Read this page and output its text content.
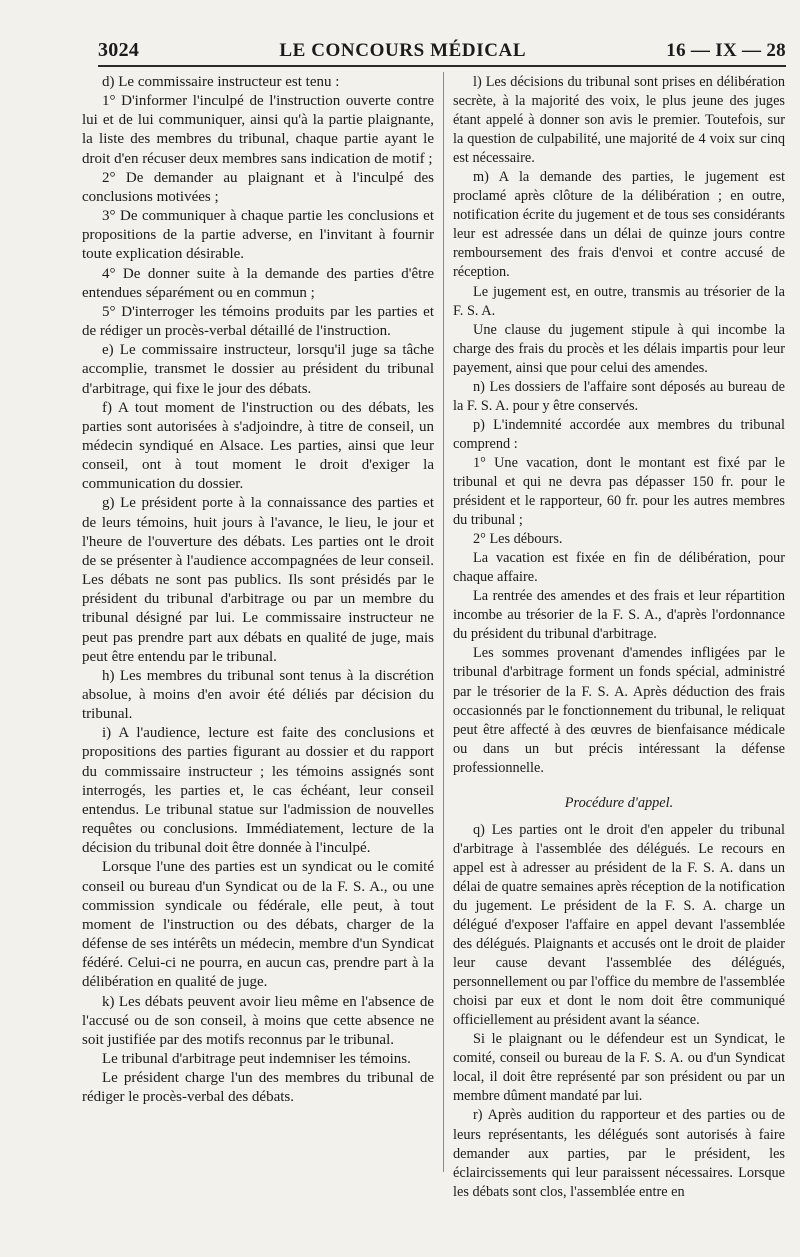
3024	LE CONCOURS MÉDICAL	16 — IX — 28

d) Le commissaire instructeur est tenu :

1° D'informer l'inculpé de l'instruction ouverte contre lui et de lui communiquer, ainsi qu'à la partie plaignante, la liste des membres du tribunal, chaque partie ayant le droit d'en récuser deux membres sans indication de motif ;

2° De demander au plaignant et à l'inculpé des conclusions motivées ;

3° De communiquer à chaque partie les conclusions et propositions de la partie adverse, en l'invitant à fournir toute explication désirable.

4° De donner suite à la demande des parties d'être entendues séparément ou en commun ;

5° D'interroger les témoins produits par les parties et de rédiger un procès-verbal détaillé de l'instruction.

e) Le commissaire instructeur, lorsqu'il juge sa tâche accomplie, transmet le dossier au président du tribunal d'arbitrage, qui fixe le jour des débats.

f) A tout moment de l'instruction ou des débats, les parties sont autorisées à s'adjoindre, à titre de conseil, un médecin syndiqué en Alsace. Les parties, ainsi que leur conseil, ont à tout moment le droit d'exiger la communication du dossier.

g) Le président porte à la connaissance des parties et de leurs témoins, huit jours à l'avance, le lieu, le jour et l'heure de l'ouverture des débats. Les parties ont le droit de se présenter à l'audience accompagnées de leur conseil. Les débats ne sont pas publics. Ils sont présidés par le président du tribunal d'arbitrage ou par un membre du tribunal désigné par lui. Le commissaire instructeur ne peut pas prendre part aux débats en qualité de juge, mais peut être entendu par le tribunal.

h) Les membres du tribunal sont tenus à la discrétion absolue, à moins d'en avoir été déliés par décision du tribunal.

i) A l'audience, lecture est faite des conclusions et propositions des parties figurant au dossier et du rapport du commissaire instructeur ; les témoins assignés sont interrogés, les parties et, le cas échéant, leur conseil entendus. Le tribunal statue sur l'admission de nouvelles requêtes ou conclusions. Immédiatement, lecture de la décision du tribunal doit être donnée à l'inculpé.

Lorsque l'une des parties est un syndicat ou le comité conseil ou bureau d'un Syndicat ou de la F. S. A., ou une commission syndicale ou fédérale, elle peut, à tout moment de l'instruction ou des débats, charger de la défense de ses intérêts un médecin, membre d'un Syndicat fédéré. Celui-ci ne pourra, en aucun cas, prendre part à la délibération en qualité de juge.

k) Les débats peuvent avoir lieu même en l'absence de l'accusé ou de son conseil, à moins que cette absence ne soit justifiée par des motifs reconnus par le tribunal.

Le tribunal d'arbitrage peut indemniser les témoins.

Le président charge l'un des membres du tribunal de rédiger le procès-verbal des débats.

l) Les décisions du tribunal sont prises en délibération secrète, à la majorité des voix, le plus jeune des juges étant appelé à donner son avis le premier. Toutefois, sur la question de culpabilité, une majorité de 4 voix sur cinq est nécessaire.

m) A la demande des parties, le jugement est proclamé après clôture de la délibération ; en outre, notification écrite du jugement et de tous ses considérants leur est adressée dans un délai de quinze jours contre remboursement des frais d'envoi et contre accusé de réception.

Le jugement est, en outre, transmis au trésorier de la F. S. A.

Une clause du jugement stipule à qui incombe la charge des frais du procès et les délais impartis pour leur payement, ainsi que pour celui des amendes.

n) Les dossiers de l'affaire sont déposés au bureau de la F. S. A. pour y être conservés.

p) L'indemnité accordée aux membres du tribunal comprend :

1° Une vacation, dont le montant est fixé par le tribunal et qui ne devra pas dépasser 150 fr. pour le président et le rapporteur, 60 fr. pour les autres membres du tribunal ;

2° Les débours.

La vacation est fixée en fin de délibération, pour chaque affaire.

La rentrée des amendes et des frais et leur répartition incombe au trésorier de la F. S. A., d'après l'ordonnance du président du tribunal d'arbitrage.

Les sommes provenant d'amendes infligées par le tribunal d'arbitrage forment un fonds spécial, administré par le trésorier de la F. S. A. Après déduction des frais occasionnés par le fonctionnement du tribunal, le reliquat peut être affecté à des œuvres de bienfaisance médicale ou dans un but précis intéressant la défense professionnelle.

Procédure d'appel.

q) Les parties ont le droit d'en appeler du tribunal d'arbitrage à l'assemblée des délégués. Le recours en appel est à adresser au président de la F. S. A. dans un délai de quatre semaines après réception de la notification du jugement. Le président de la F. S. A. charge un délégué d'exposer l'affaire en appel devant l'assemblée des délégués. Plaignants et accusés ont le droit de plaider leur cause devant l'assemblée des délégués, personnellement ou par l'office du membre de l'assemblée choisi par eux et dont le nom doit être communiqué officiellement au président avant la séance.

Si le plaignant ou le défendeur est un Syndicat, le comité, conseil ou bureau de la F. S. A. ou d'un Syndicat local, il doit être représenté par son président ou par un membre dûment mandaté par lui.

r) Après audition du rapporteur et des parties ou de leurs représentants, les délégués sont autorisés à faire demander aux parties, par le président, les éclaircissements qui leur paraissent nécessaires. Lorsque les débats sont clos, l'assemblée entre en
